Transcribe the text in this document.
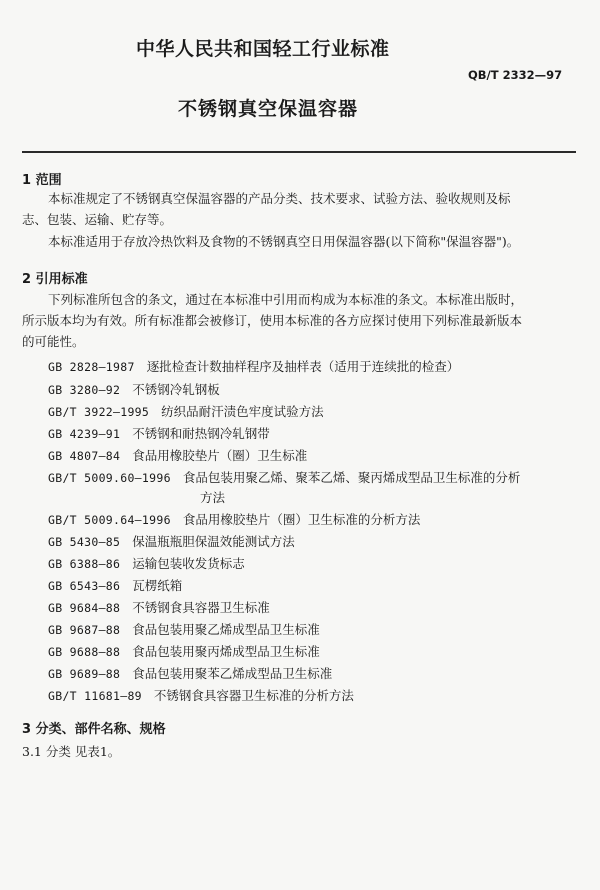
中华人民共和国轻工行业标准
QB/T 2332—97
不锈钢真空保温容器
1 范围
本标准规定了不锈钢真空保温容器的产品分类、技术要求、试验方法、验收规则及标
志、包装、运输、贮存等。
本标准适用于存放冷热饮料及食物的不锈钢真空日用保温容器(以下简称"保温容器")。
2 引用标准
下列标准所包含的条文，通过在本标准中引用而构成为本标准的条文。本标准出版时，
所示版本均为有效。所有标准都会被修订，使用本标准的各方应探讨使用下列标准最新版本
的可能性。
GB 2828—1987 逐批检查计数抽样程序及抽样表（适用于连续批的检查）
GB 3280—92 不锈钢冷轧钢板
GB/T 3922—1995 纺织品耐汗渍色牢度试验方法
GB 4239—91 不锈钢和耐热钢冷轧钢带
GB 4807—84 食品用橡胶垫片（圈）卫生标准
GB/T 5009.60—1996 食品包装用聚乙烯、聚苯乙烯、聚丙烯成型品卫生标准的分析
方法
GB/T 5009.64—1996 食品用橡胶垫片（圈）卫生标准的分析方法
GB 5430—85 保温瓶瓶胆保温效能测试方法
GB 6388—86 运输包装收发货标志
GB 6543—86 瓦楞纸箱
GB 9684—88 不锈钢食具容器卫生标准
GB 9687—88 食品包装用聚乙烯成型品卫生标准
GB 9688—88 食品包装用聚丙烯成型品卫生标准
GB 9689—88 食品包装用聚苯乙烯成型品卫生标准
GB/T 11681—89 不锈钢食具容器卫生标准的分析方法
3 分类、部件名称、规格
3.1 分类 见表1。
